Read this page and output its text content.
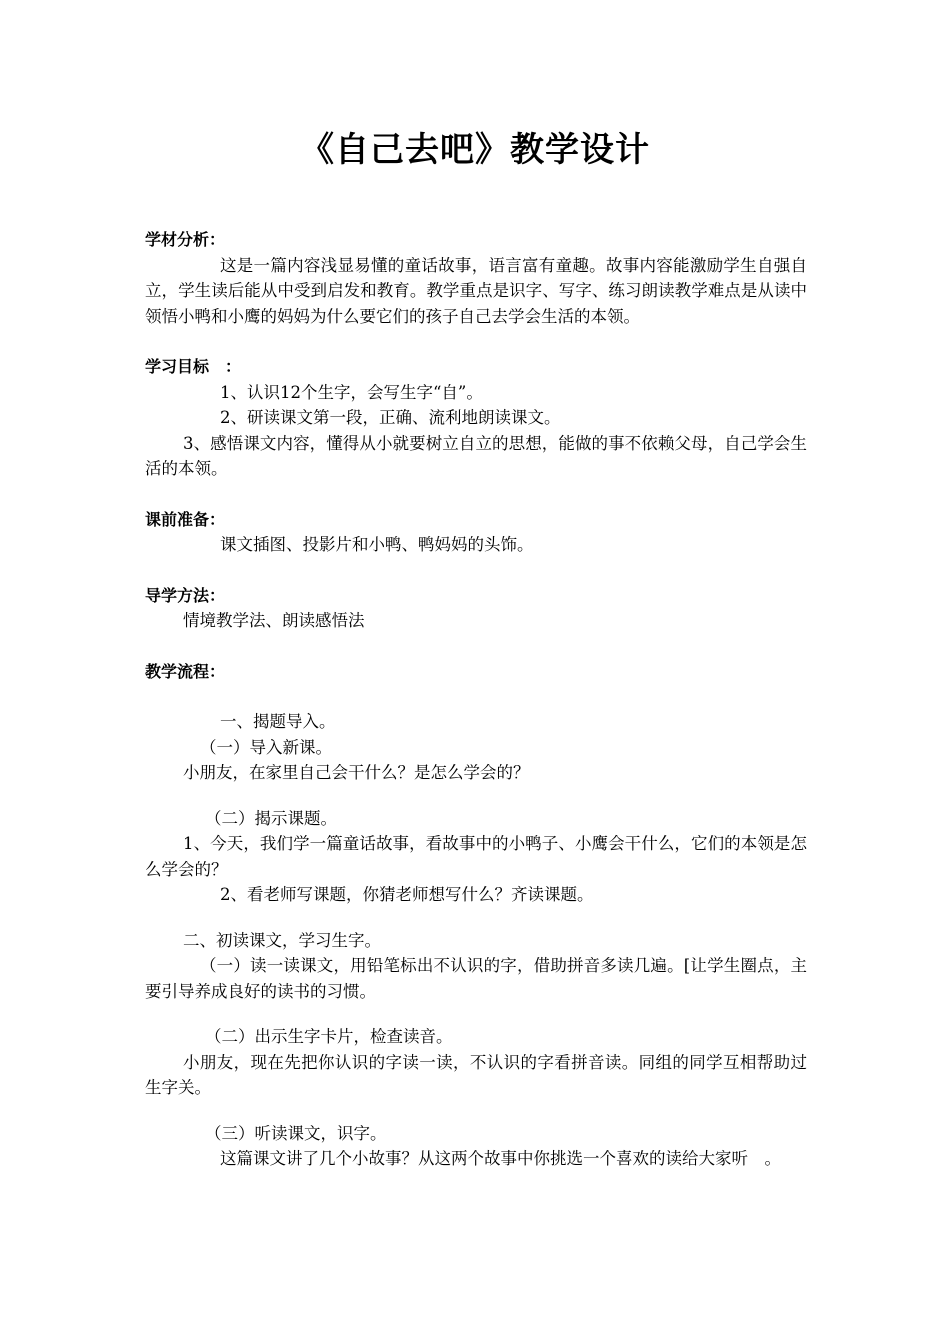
《自己去吧》教学设计

学材分析：

这是一篇内容浅显易懂的童话故事，语言富有童趣。故事内容能激励学生自强自立，学生读后能从中受到启发和教育。教学重点是识字、写字、练习朗读教学难点是从读中领悟小鸭和小鹰的妈妈为什么要它们的孩子自己去学会生活的本领。

学习目标　：

1、认识12个生字，会写生字“自”。

2、研读课文第一段，正确、流利地朗读课文。

3、感悟课文内容，懂得从小就要树立自立的思想，能做的事不依赖父母，自己学会生活的本领。

课前准备：

课文插图、投影片和小鸭、鸭妈妈的头饰。

导学方法：

情境教学法、朗读感悟法

教学流程：

一、揭题导入。

（一）导入新课。

小朋友，在家里自己会干什么？是怎么学会的？

（二）揭示课题。

1、今天，我们学一篇童话故事，看故事中的小鸭子、小鹰会干什么，它们的本领是怎么学会的？

2、看老师写课题，你猜老师想写什么？齐读课题。

二、初读课文，学习生字。

（一）读一读课文，用铅笔标出不认识的字，借助拼音多读几遍。[让学生圈点，主要引导养成良好的读书的习惯。

（二）出示生字卡片，检查读音。

小朋友，现在先把你认识的字读一读，不认识的字看拼音读。同组的同学互相帮助过生字关。

（三）听读课文，识字。

这篇课文讲了几个小故事？从这两个故事中你挑选一个喜欢的读给大家听　。
